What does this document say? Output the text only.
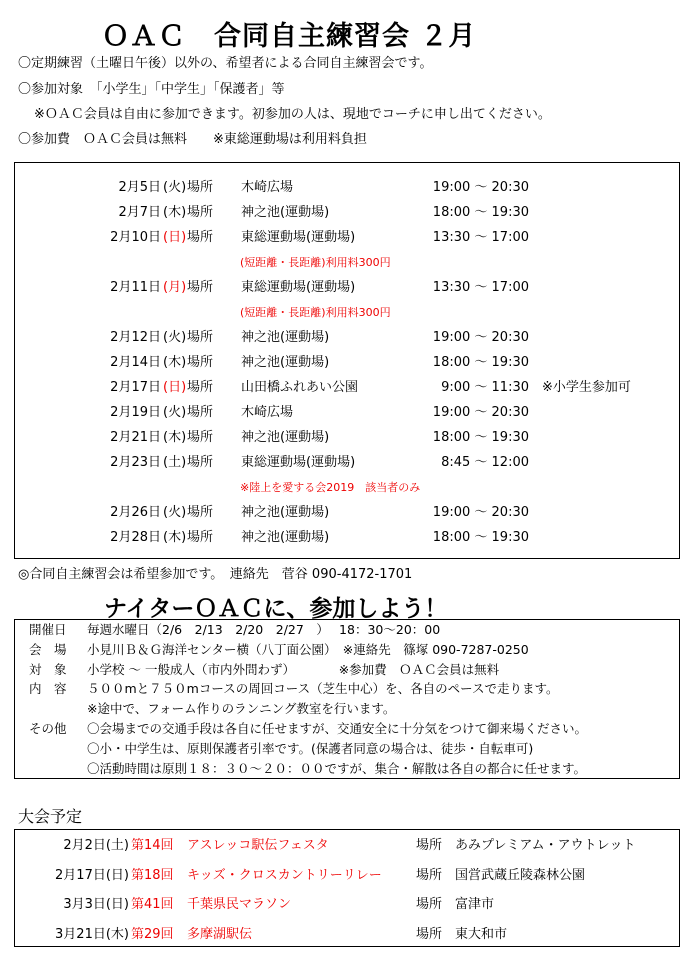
ＯＡＣ　合同自主練習会 ２月
〇定期練習（土曜日午後）以外の、希望者による合同自主練習会です。
〇参加対象　「小学生」「中学生」「保護者」等
※ＯＡＣ会員は自由に参加できます。初参加の人は、現地でコーチに申し出てください。
〇参加費　ＯＡＣ会員は無料　　※東総運動場は利用料負担
2月5日 (火) 場所 木崎広場	19:00 ～ 20:30
2月7日 (木) 場所 神之池(運動場)	18:00 ～ 19:30
2月10日 (日) 場所 東総運動場(運動場)	13:30 ～ 17:00
(短距離・長距離)利用料300円
2月11日 (月) 場所 東総運動場(運動場)	13:30 ～ 17:00
(短距離・長距離)利用料300円
2月12日 (火) 場所 神之池(運動場)	19:00 ～ 20:30
2月14日 (木) 場所 神之池(運動場)	18:00 ～ 19:30
2月17日 (日) 場所 山田橋ふれあい公園	9:00 ～ 11:30 ※小学生参加可
2月19日 (火) 場所 木崎広場	19:00 ～ 20:30
2月21日 (木) 場所 神之池(運動場)	18:00 ～ 19:30
2月23日 (土) 場所 東総運動場(運動場)	8:45 ～ 12:00
※陸上を愛する会2019　該当者のみ
2月26日 (火) 場所 神之池(運動場)	19:00 ～ 20:30
2月28日 (木) 場所 神之池(運動場)	18:00 ～ 19:30
◎合同自主練習会は希望参加です。　連絡先　菅谷 090-4172-1701
ナイターＯＡＣに、参加しよう！
開催日 毎週水曜日（2/6　2/13　2/20　2/27　）　 18：30～20：00
会　場 小見川Ｂ＆Ｇ海洋センター横（八丁面公園）　※連絡先　篠塚 090-7287-0250
対　象 小学校 ～ 一般成人（市内外問わず）　　　　※参加費　ＯＡＣ会員は無料
内　容 ５００mと７５０mコースの周回コース（芝生中心）を、各自のペースで走ります。
※途中で、フォーム作りのランニング教室を行います。
その他 〇会場までの交通手段は各自に任せますが、交通安全に十分気をつけて御来場ください。
〇小・中学生は、原則保護者引率です。(保護者同意の場合は、徒歩・自転車可)
〇活動時間は原則１８：３０～２０：００ですが、集合・解散は各自の都合に任せます。
大会予定
2月2日(土) 第14回 アスレッコ駅伝フェスタ	場所 あみプレミアム・アウトレット
2月17日(日) 第18回 キッズ・クロスカントリーリレー	場所 国営武蔵丘陵森林公園
3月3日(日) 第41回 千葉県民マラソン	場所 富津市
3月21日(木) 第29回 多摩湖駅伝	場所 東大和市
